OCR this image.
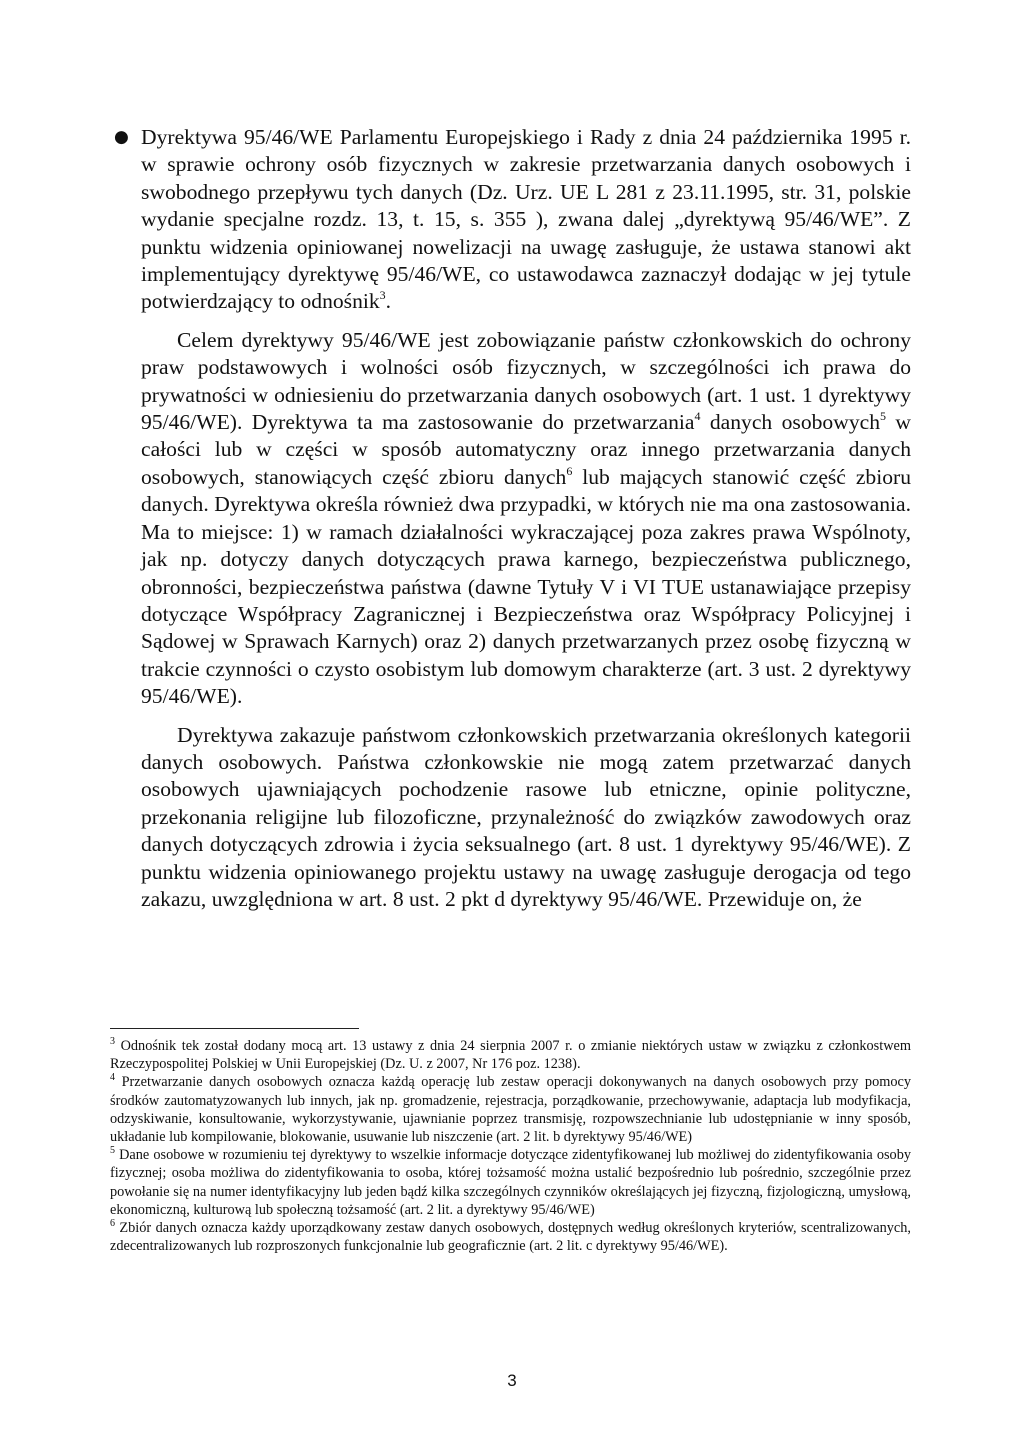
● Dyrektywa 95/46/WE Parlamentu Europejskiego i Rady z dnia 24 października 1995 r. w sprawie ochrony osób fizycznych w zakresie przetwarzania danych osobowych i swobodnego przepływu tych danych (Dz. Urz. UE L 281 z 23.11.1995, str. 31, polskie wydanie specjalne rozdz. 13, t. 15, s. 355 ), zwana dalej „dyrektywą 95/46/WE”. Z punktu widzenia opiniowanej nowelizacji na uwagę zasługuje, że ustawa stanowi akt implementujący dyrektywę 95/46/WE, co ustawodawca zaznaczył dodając w jej tytule potwierdzający to odnośnik$^3$.

Celem dyrektywy 95/46/WE jest zobowiązanie państw członkowskich do ochrony praw podstawowych i wolności osób fizycznych, w szczególności ich prawa do prywatności w odniesieniu do przetwarzania danych osobowych (art. 1 ust. 1 dyrektywy 95/46/WE). Dyrektywa ta ma zastosowanie do przetwarzania$^4$ danych osobowych$^5$ w całości lub w części w sposób automatyczny oraz innego przetwarzania danych osobowych, stanowiących część zbioru danych$^6$ lub mających stanowić część zbioru danych. Dyrektywa określa również dwa przypadki, w których nie ma ona zastosowania. Ma to miejsce: 1) w ramach działalności wykraczającej poza zakres prawa Wspólnoty, jak np. dotyczy danych dotyczących prawa karnego, bezpieczeństwa publicznego, obronności, bezpieczeństwa państwa (dawne Tytuły V i VI TUE ustanawiające przepisy dotyczące Współpracy Zagranicznej i Bezpieczeństwa oraz Współpracy Policyjnej i Sądowej w Sprawach Karnych) oraz 2) danych przetwarzanych przez osobę fizyczną w trakcie czynności o czysto osobistym lub domowym charakterze (art. 3 ust. 2 dyrektywy 95/46/WE).

Dyrektywa zakazuje państwom członkowskich przetwarzania określonych kategorii danych osobowych. Państwa członkowskie nie mogą zatem przetwarzać danych osobowych ujawniających pochodzenie rasowe lub etniczne, opinie polityczne, przekonania religijne lub filozoficzne, przynależność do związków zawodowych oraz danych dotyczących zdrowia i życia seksualnego (art. 8 ust. 1 dyrektywy 95/46/WE). Z punktu widzenia opiniowanego projektu ustawy na uwagę zasługuje derogacja od tego zakazu, uwzględniona w art. 8 ust. 2 pkt d dyrektywy 95/46/WE. Przewiduje on, że

$^3$ Odnośnik tek został dodany mocą art. 13 ustawy z dnia 24 sierpnia 2007 r. o zmianie niektórych ustaw w związku z członkostwem Rzeczypospolitej Polskiej w Unii Europejskiej (Dz. U. z 2007, Nr 176 poz. 1238).

$^4$ Przetwarzanie danych osobowych oznacza każdą operację lub zestaw operacji dokonywanych na danych osobowych przy pomocy środków zautomatyzowanych lub innych, jak np. gromadzenie, rejestracja, porządkowanie, przechowywanie, adaptacja lub modyfikacja, odzyskiwanie, konsultowanie, wykorzystywanie, ujawnianie poprzez transmisję, rozpowszechnianie lub udostępnianie w inny sposób, układanie lub kompilowanie, blokowanie, usuwanie lub niszczenie (art. 2 lit. b dyrektywy 95/46/WE)

$^5$ Dane osobowe w rozumieniu tej dyrektywy to wszelkie informacje dotyczące zidentyfikowanej lub możliwej do zidentyfikowania osoby fizycznej; osoba możliwa do zidentyfikowania to osoba, której tożsamość można ustalić bezpośrednio lub pośrednio, szczególnie przez powołanie się na numer identyfikacyjny lub jeden bądź kilka szczególnych czynników określających jej fizyczną, fizjologiczną, umysłową, ekonomiczną, kulturową lub społeczną tożsamość (art. 2 lit. a dyrektywy 95/46/WE)

$^6$ Zbiór danych oznacza każdy uporządkowany zestaw danych osobowych, dostępnych według określonych kryteriów, scentralizowanych, zdecentralizowanych lub rozproszonych funkcjonalnie lub geograficznie (art. 2 lit. c dyrektywy 95/46/WE).

3
